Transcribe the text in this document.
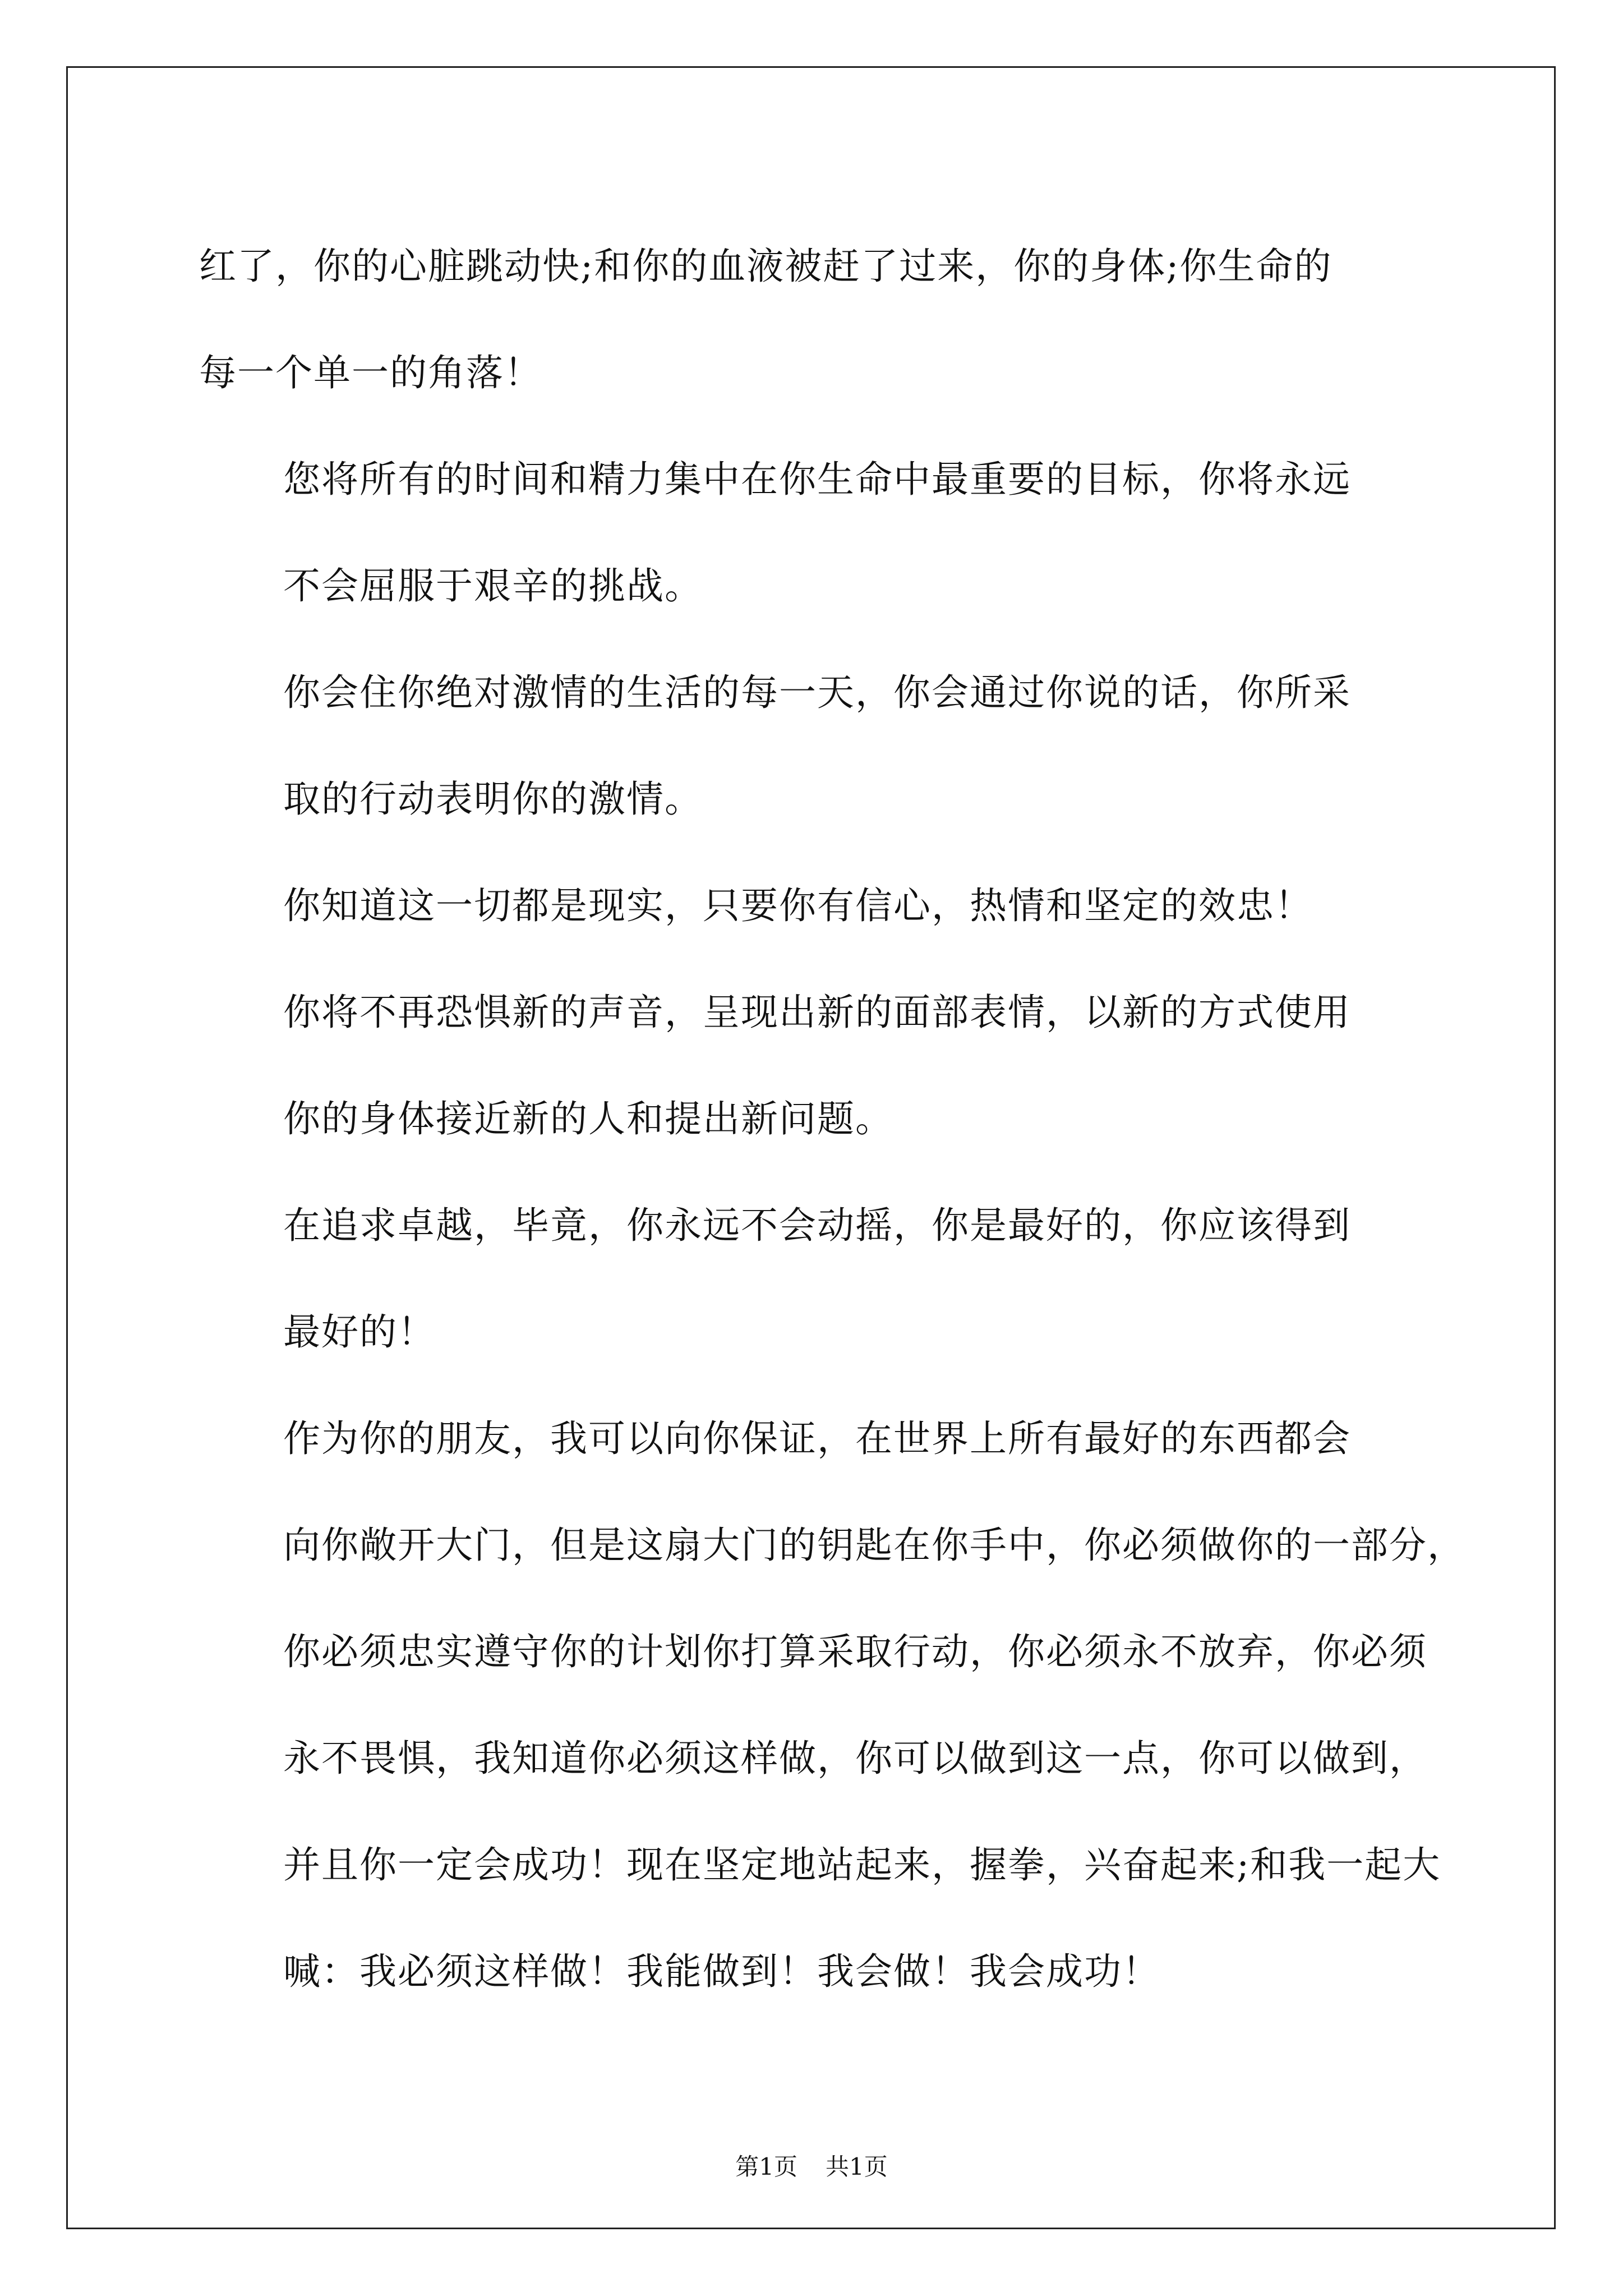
红了，你的心脏跳动快;和你的血液被赶了过来，你的身体;你生命的
每一个单一的角落！

您将所有的时间和精力集中在你生命中最重要的目标，你将永远
不会屈服于艰辛的挑战。

你会住你绝对激情的生活的每一天，你会通过你说的话，你所采
取的行动表明你的激情。

你知道这一切都是现实，只要你有信心，热情和坚定的效忠！

你将不再恐惧新的声音，呈现出新的面部表情，以新的方式使用
你的身体接近新的人和提出新问题。

在追求卓越，毕竟，你永远不会动摇，你是最好的，你应该得到
最好的！

作为你的朋友，我可以向你保证，在世界上所有最好的东西都会
向你敞开大门，但是这扇大门的钥匙在你手中，你必须做你的一部分，
你必须忠实遵守你的计划你打算采取行动，你必须永不放弃，你必须
永不畏惧，我知道你必须这样做，你可以做到这一点，你可以做到，
并且你一定会成功！现在坚定地站起来，握拳，兴奋起来;和我一起大
喊：我必须这样做！我能做到！我会做！我会成功！

第1页 共1页
